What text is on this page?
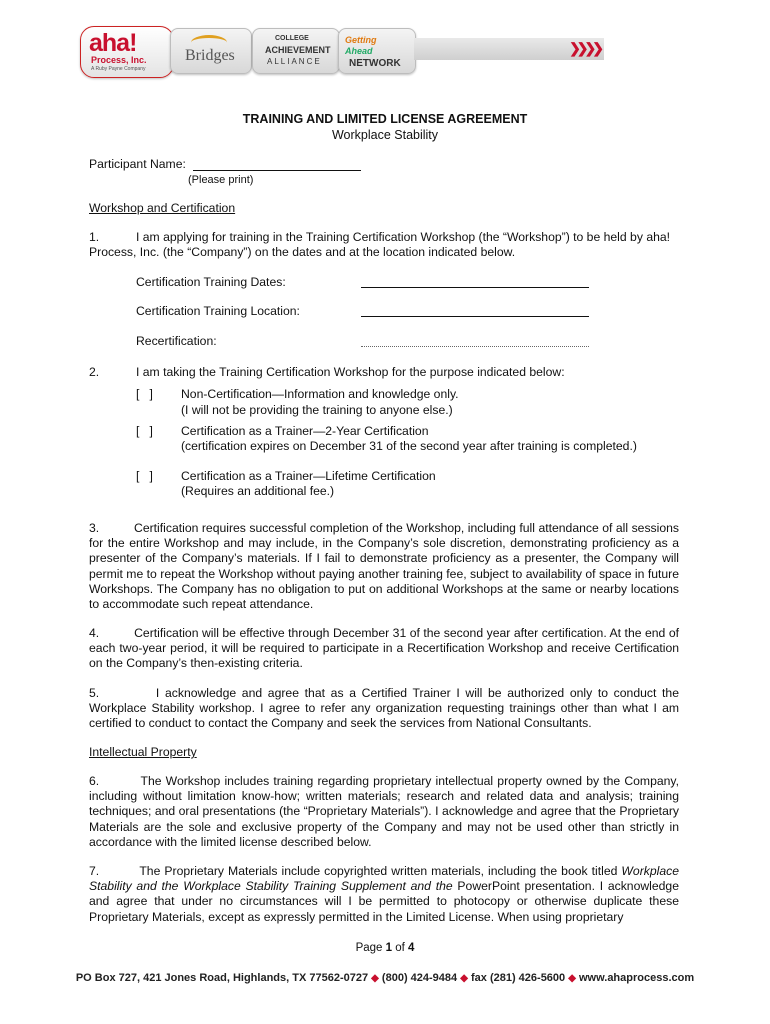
aha!
Process, Inc.
A Ruby Payne Company
Bridges
COLLEGE
ACHIEVEMENT
ALLIANCE
Getting
Ahead
NETWORK
❯❯❯❯
TRAINING AND LIMITED LICENSE AGREEMENT
Workplace Stability
Participant Name:
(Please print)
Workshop and Certification
1.	I am applying for training in the Training Certification Workshop (the “Workshop”) to be held by aha!
Process, Inc. (the “Company”) on the dates and at the location indicated below.
Certification Training Dates:
Certification Training Location:
Recertification:
2.	I am taking the Training Certification Workshop for the purpose indicated below:
[   ] Non-Certification—Information and knowledge only.
(I will not be providing the training to anyone else.)
[   ] Certification as a Trainer—2-Year Certification
(certification expires on December 31 of the second year after training is completed.)
[   ] Certification as a Trainer—Lifetime Certification
(Requires an additional fee.)
3.          Certification requires successful completion of the Workshop, including full attendance of all sessions for the entire Workshop and may include, in the Company’s sole discretion, demonstrating proficiency as a presenter of the Company’s materials. If I fail to demonstrate proficiency as a presenter, the Company will permit me to repeat the Workshop without paying another training fee, subject to availability of space in future Workshops. The Company has no obligation to put on additional Workshops at the same or nearby locations to accommodate such repeat attendance.
4.          Certification will be effective through December 31 of the second year after certification. At the end of each two-year period, it will be required to participate in a Recertification Workshop and receive Certification on the Company’s then-existing criteria.
5.          I acknowledge and agree that as a Certified Trainer I will be authorized only to conduct the Workplace Stability workshop. I agree to refer any organization requesting trainings other than what I am certified to conduct to contact the Company and seek the services from National Consultants.
Intellectual Property
6.          The Workshop includes training regarding proprietary intellectual property owned by the Company, including without limitation know-how; written materials; research and related data and analysis; training techniques; and oral presentations (the “Proprietary Materials”). I acknowledge and agree that the Proprietary Materials are the sole and exclusive property of the Company and may not be used other than strictly in accordance with the limited license described below.
7.          The Proprietary Materials include copyrighted written materials, including the book titled Workplace Stability and the Workplace Stability Training Supplement and the PowerPoint presentation. I acknowledge and agree that under no circumstances will I be permitted to photocopy or otherwise duplicate these Proprietary Materials, except as expressly permitted in the Limited License. When using proprietary
Page 1 of 4
PO Box 727, 421 Jones Road, Highlands, TX 77562-0727 ◆ (800) 424-9484 ◆ fax (281) 426-5600 ◆ www.ahaprocess.com
